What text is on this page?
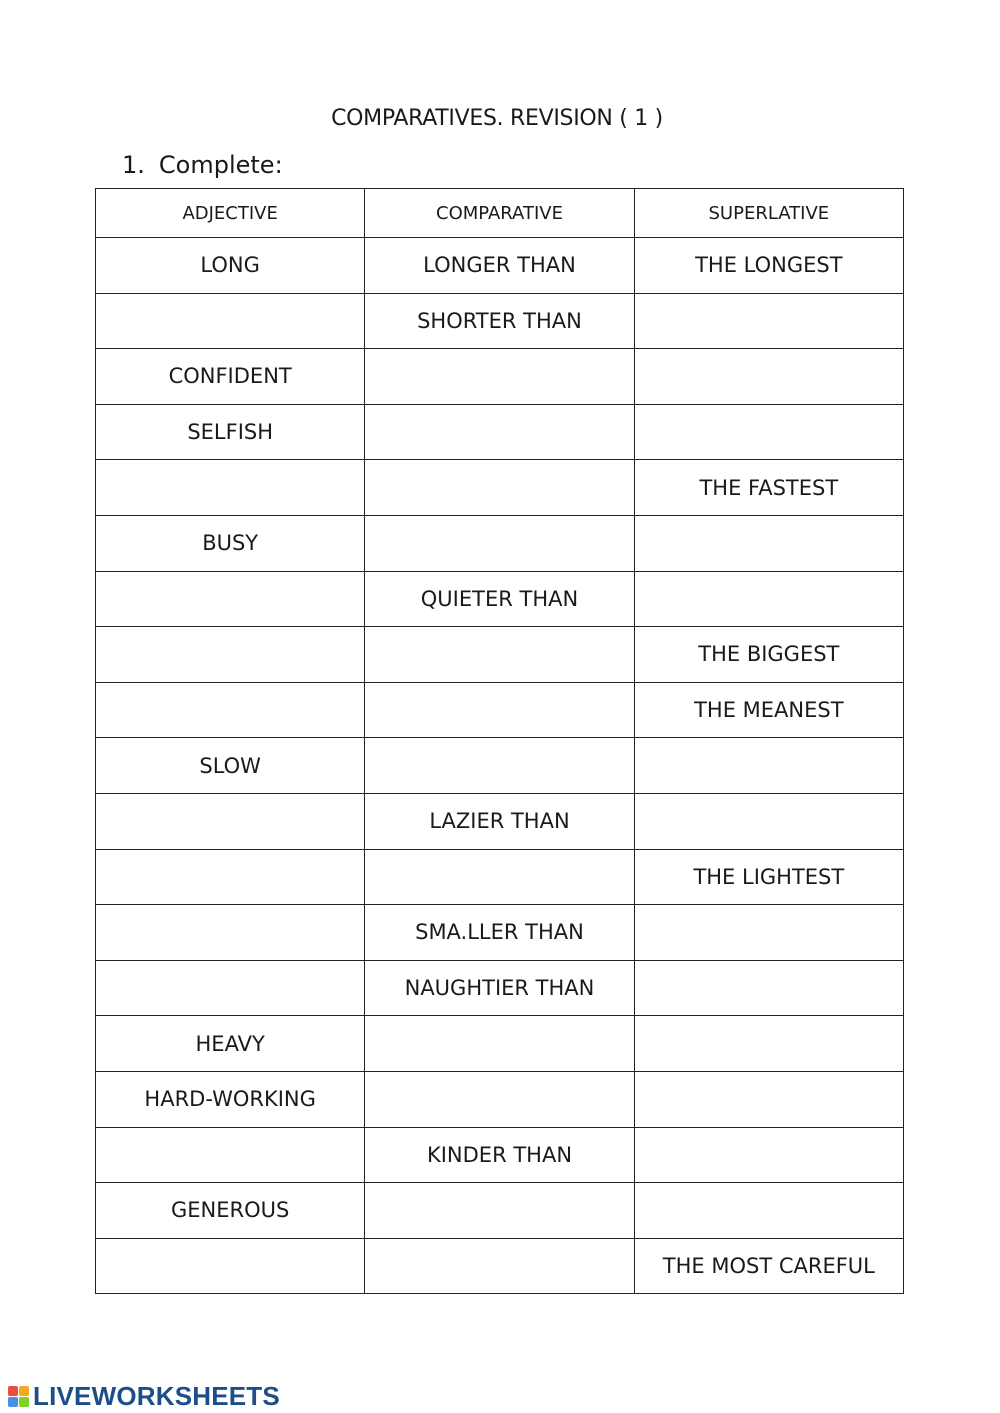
COMPARATIVES. REVISION ( 1 )
1. Complete:
ADJECTIVE	COMPARATIVE	SUPERLATIVE
LONG	LONGER THAN	THE LONGEST
	SHORTER THAN	
CONFIDENT		
SELFISH		
		THE FASTEST
BUSY		
	QUIETER THAN	
		THE BIGGEST
		THE MEANEST
SLOW		
	LAZIER THAN	
		THE LIGHTEST
	SMA.LLER THAN	
	NAUGHTIER THAN	
HEAVY		
HARD-WORKING		
	KINDER THAN	
GENEROUS		
		THE MOST CAREFUL
LIVEWORKSHEETS
